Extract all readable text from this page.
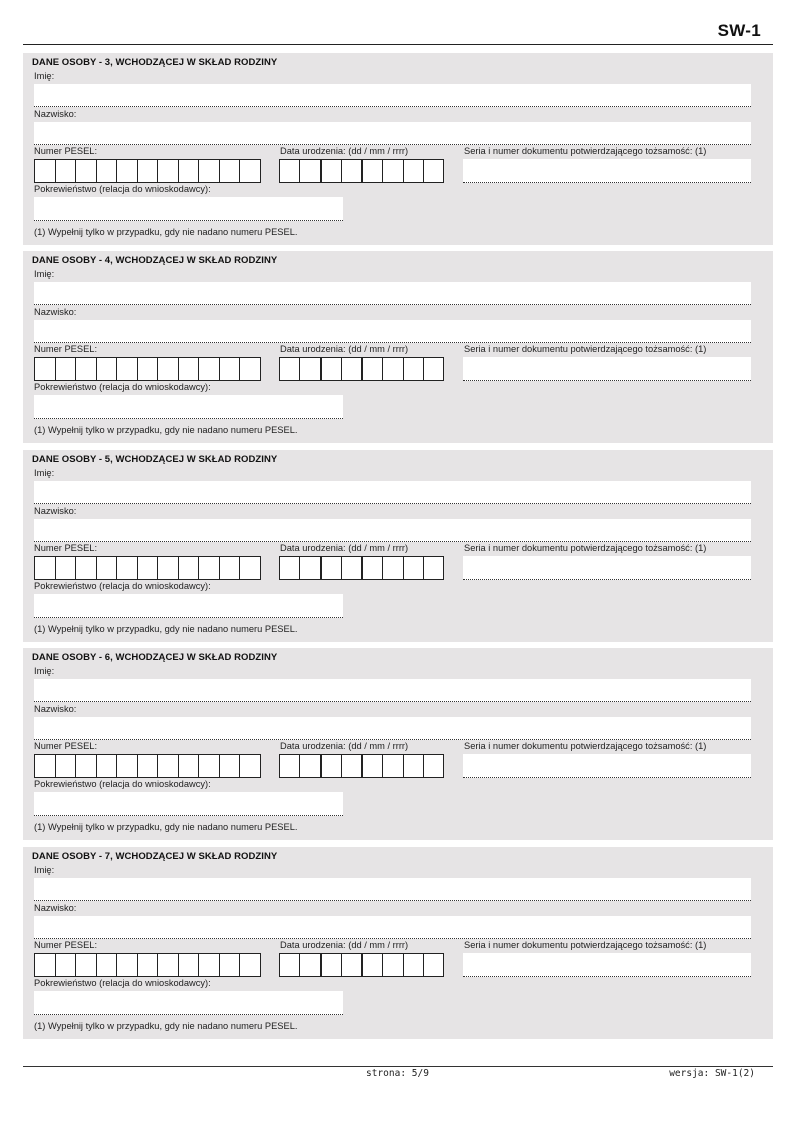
SW-1
DANE OSOBY - 3, WCHODZĄCEJ W SKŁAD RODZINY
Imię:
Nazwisko:
Numer PESEL:	Data urodzenia: (dd / mm / rrrr)	Seria i numer dokumentu potwierdzającego tożsamość: (1)
Pokrewieństwo (relacja do wnioskodawcy):
(1) Wypełnij tylko w przypadku, gdy nie nadano numeru PESEL.
DANE OSOBY - 4, WCHODZĄCEJ W SKŁAD RODZINY
Imię:
Nazwisko:
Numer PESEL:	Data urodzenia: (dd / mm / rrrr)	Seria i numer dokumentu potwierdzającego tożsamość: (1)
Pokrewieństwo (relacja do wnioskodawcy):
(1) Wypełnij tylko w przypadku, gdy nie nadano numeru PESEL.
DANE OSOBY - 5, WCHODZĄCEJ W SKŁAD RODZINY
Imię:
Nazwisko:
Numer PESEL:	Data urodzenia: (dd / mm / rrrr)	Seria i numer dokumentu potwierdzającego tożsamość: (1)
Pokrewieństwo (relacja do wnioskodawcy):
(1) Wypełnij tylko w przypadku, gdy nie nadano numeru PESEL.
DANE OSOBY - 6, WCHODZĄCEJ W SKŁAD RODZINY
Imię:
Nazwisko:
Numer PESEL:	Data urodzenia: (dd / mm / rrrr)	Seria i numer dokumentu potwierdzającego tożsamość: (1)
Pokrewieństwo (relacja do wnioskodawcy):
(1) Wypełnij tylko w przypadku, gdy nie nadano numeru PESEL.
DANE OSOBY - 7, WCHODZĄCEJ W SKŁAD RODZINY
Imię:
Nazwisko:
Numer PESEL:	Data urodzenia: (dd / mm / rrrr)	Seria i numer dokumentu potwierdzającego tożsamość: (1)
Pokrewieństwo (relacja do wnioskodawcy):
(1) Wypełnij tylko w przypadku, gdy nie nadano numeru PESEL.
strona: 5/9	wersja: SW-1(2)
